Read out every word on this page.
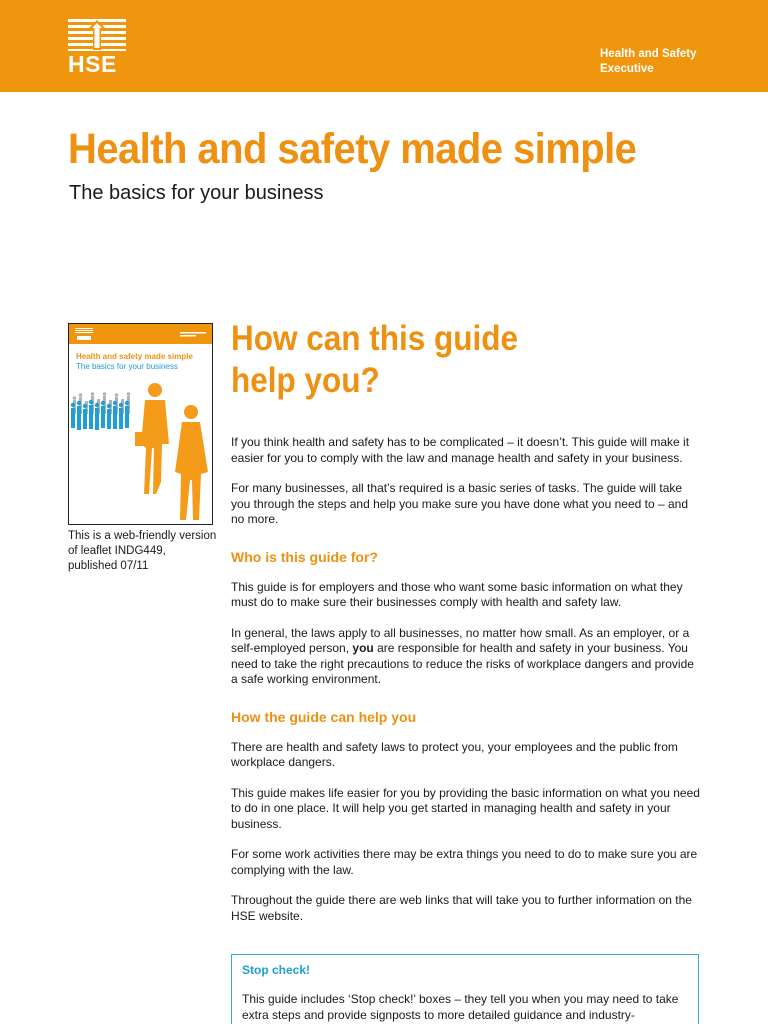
HSE	Health and Safety
Executive
Health and safety made simple
The basics for your business
Health and safety made simple
The basics for your business
This is a web-friendly version of leaflet INDG449, published 07/11
How can this guide
help you?

If you think health and safety has to be complicated – it doesn’t. This guide will make it easier for you to comply with the law and manage health and safety in your business.

For many businesses, all that’s required is a basic series of tasks. The guide will take you through the steps and help you make sure you have done what you need to – and no more.

Who is this guide for?

This guide is for employers and those who want some basic information on what they must do to make sure their businesses comply with health and safety law.

In general, the laws apply to all businesses, no matter how small. As an employer, or a self-employed person, you are responsible for health and safety in your business. You need to take the right precautions to reduce the risks of workplace dangers and provide a safe working environment.

How the guide can help you

There are health and safety laws to protect you, your employees and the public from workplace dangers.

This guide makes life easier for you by providing the basic information on what you need to do in one place. It will help you get started in managing health and safety in your business.

For some work activities there may be extra things you need to do to make sure you are complying with the law.

Throughout the guide there are web links that will take you to further information on the HSE website.

Stop check!

This guide includes ‘Stop check!’ boxes – they tell you when you may need to take extra steps and provide signposts to more detailed guidance and industry-
